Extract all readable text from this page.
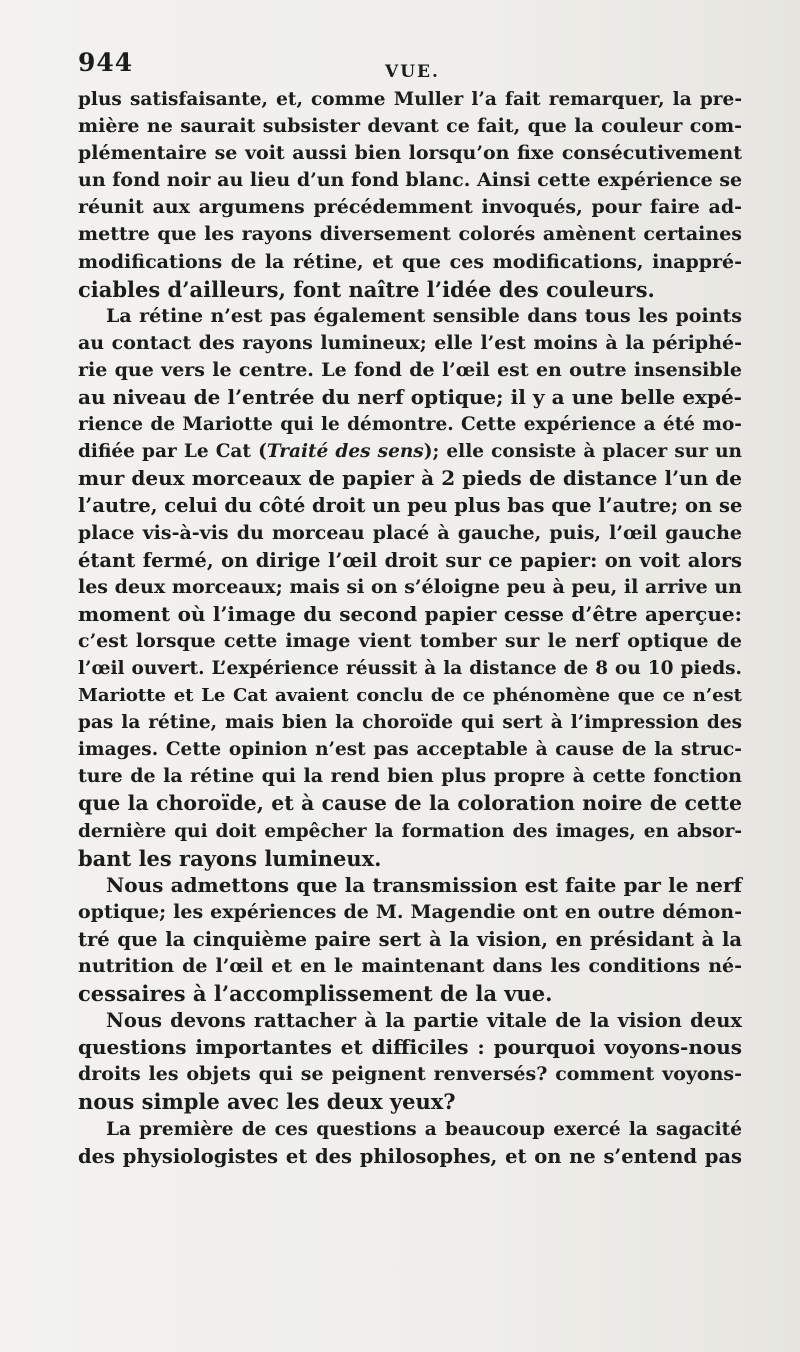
944	VUE.
plus satisfaisante, et, comme Muller l’a fait remarquer, la pre-
mière ne saurait subsister devant ce fait, que la couleur com-
plémentaire se voit aussi bien lorsqu’on fixe consécutivement
un fond noir au lieu d’un fond blanc. Ainsi cette expérience se
réunit aux argumens précédemment invoqués, pour faire ad-
mettre que les rayons diversement colorés amènent certaines
modifications de la rétine, et que ces modifications, inappré-
ciables d’ailleurs, font naître l’idée des couleurs.
La rétine n’est pas également sensible dans tous les points
au contact des rayons lumineux; elle l’est moins à la périphé-
rie que vers le centre. Le fond de l’œil est en outre insensible
au niveau de l’entrée du nerf optique; il y a une belle expé-
rience de Mariotte qui le démontre. Cette expérience a été mo-
difiée par Le Cat (Traité des sens); elle consiste à placer sur un
mur deux morceaux de papier à 2 pieds de distance l’un de
l’autre, celui du côté droit un peu plus bas que l’autre; on se
place vis-à-vis du morceau placé à gauche, puis, l’œil gauche
étant fermé, on dirige l’œil droit sur ce papier: on voit alors
les deux morceaux; mais si on s’éloigne peu à peu, il arrive un
moment où l’image du second papier cesse d’être aperçue:
c’est lorsque cette image vient tomber sur le nerf optique de
l’œil ouvert. L’expérience réussit à la distance de 8 ou 10 pieds.
Mariotte et Le Cat avaient conclu de ce phénomène que ce n’est
pas la rétine, mais bien la choroïde qui sert à l’impression des
images. Cette opinion n’est pas acceptable à cause de la struc-
ture de la rétine qui la rend bien plus propre à cette fonction
que la choroïde, et à cause de la coloration noire de cette
dernière qui doit empêcher la formation des images, en absor-
bant les rayons lumineux.
Nous admettons que la transmission est faite par le nerf
optique; les expériences de M. Magendie ont en outre démon-
tré que la cinquième paire sert à la vision, en présidant à la
nutrition de l’œil et en le maintenant dans les conditions né-
cessaires à l’accomplissement de la vue.
Nous devons rattacher à la partie vitale de la vision deux
questions importantes et difficiles : pourquoi voyons-nous
droits les objets qui se peignent renversés? comment voyons-
nous simple avec les deux yeux?
La première de ces questions a beaucoup exercé la sagacité
des physiologistes et des philosophes, et on ne s’entend pas
